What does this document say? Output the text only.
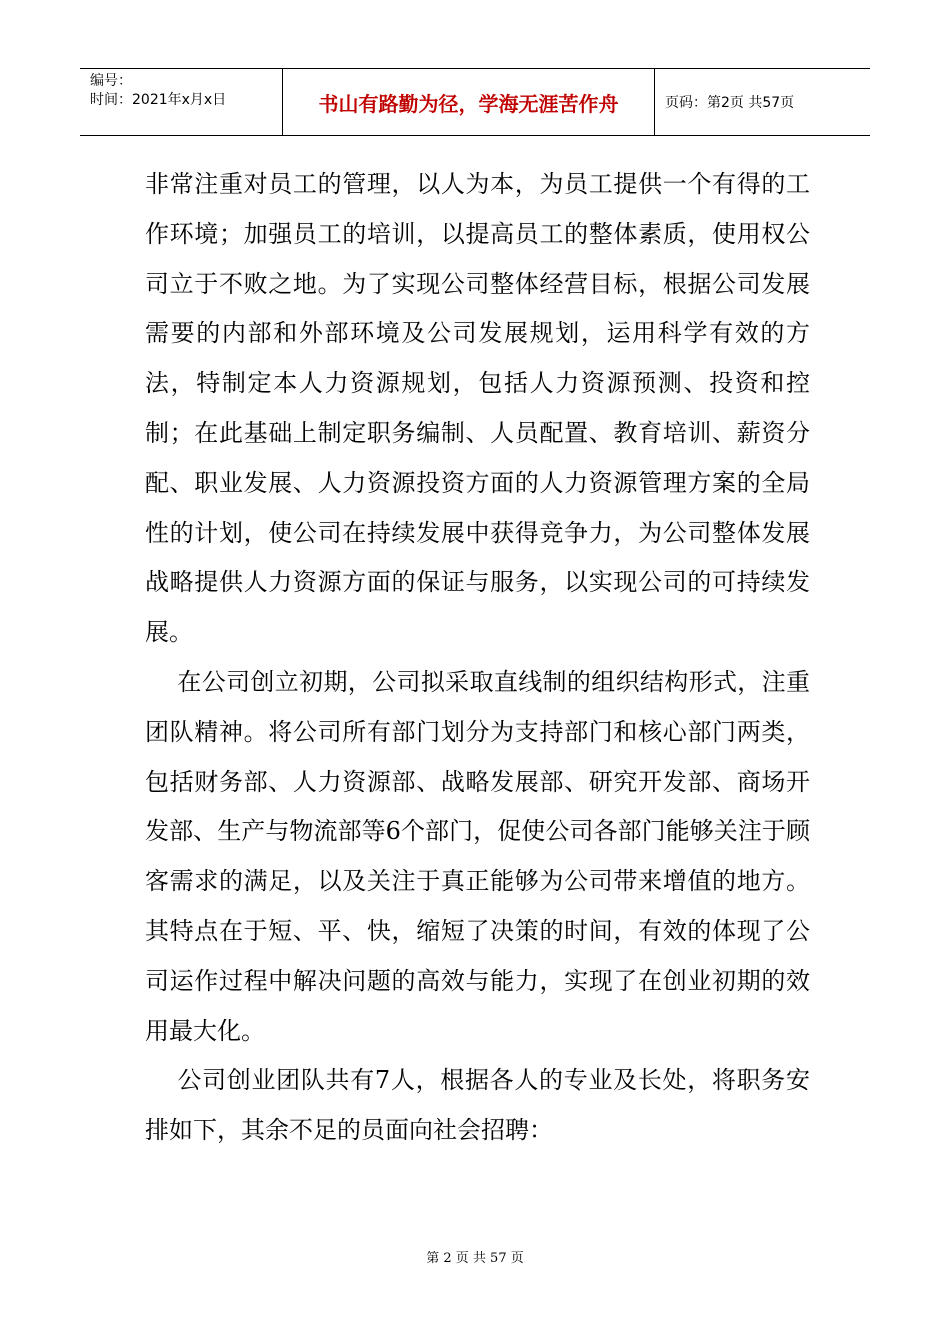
编号：
时间：2021年x月x日	书山有路勤为径，学海无涯苦作舟	页码：第2页 共57页

非常注重对员工的管理，以人为本，为员工提供一个有得的工作环境；加强员工的培训，以提高员工的整体素质，使用权公司立于不败之地。为了实现公司整体经营目标，根据公司发展需要的内部和外部环境及公司发展规划，运用科学有效的方法，特制定本人力资源规划，包括人力资源预测、投资和控制；在此基础上制定职务编制、人员配置、教育培训、薪资分配、职业发展、人力资源投资方面的人力资源管理方案的全局性的计划，使公司在持续发展中获得竞争力，为公司整体发展战略提供人力资源方面的保证与服务，以实现公司的可持续发展。

在公司创立初期，公司拟采取直线制的组织结构形式，注重团队精神。将公司所有部门划分为支持部门和核心部门两类，包括财务部、人力资源部、战略发展部、研究开发部、商场开发部、生产与物流部等6个部门，促使公司各部门能够关注于顾客需求的满足，以及关注于真正能够为公司带来增值的地方。其特点在于短、平、快，缩短了决策的时间，有效的体现了公司运作过程中解决问题的高效与能力，实现了在创业初期的效用最大化。

公司创业团队共有7人，根据各人的专业及长处，将职务安排如下，其余不足的员面向社会招聘：

第 2 页 共 57 页
